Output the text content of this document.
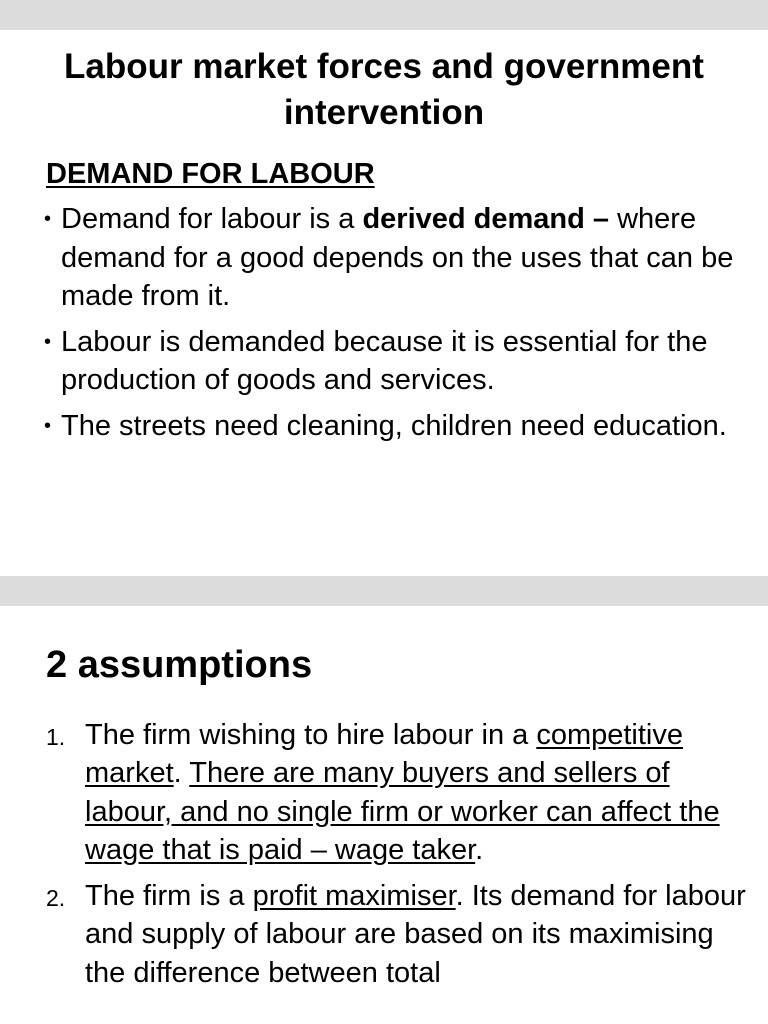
Labour market forces and government intervention
DEMAND FOR LABOUR
• Demand for labour is a derived demand – where demand for a good depends on the uses that can be made from it.
• Labour is demanded because it is essential for the production of goods and services.
• The streets need cleaning, children need education.
2 assumptions
1. The firm wishing to hire labour in a competitive market. There are many buyers and sellers of labour, and no single firm or worker can affect the wage that is paid – wage taker.
2. The firm is a profit maximiser. Its demand for labour and supply of labour are based on its maximising the difference between total
